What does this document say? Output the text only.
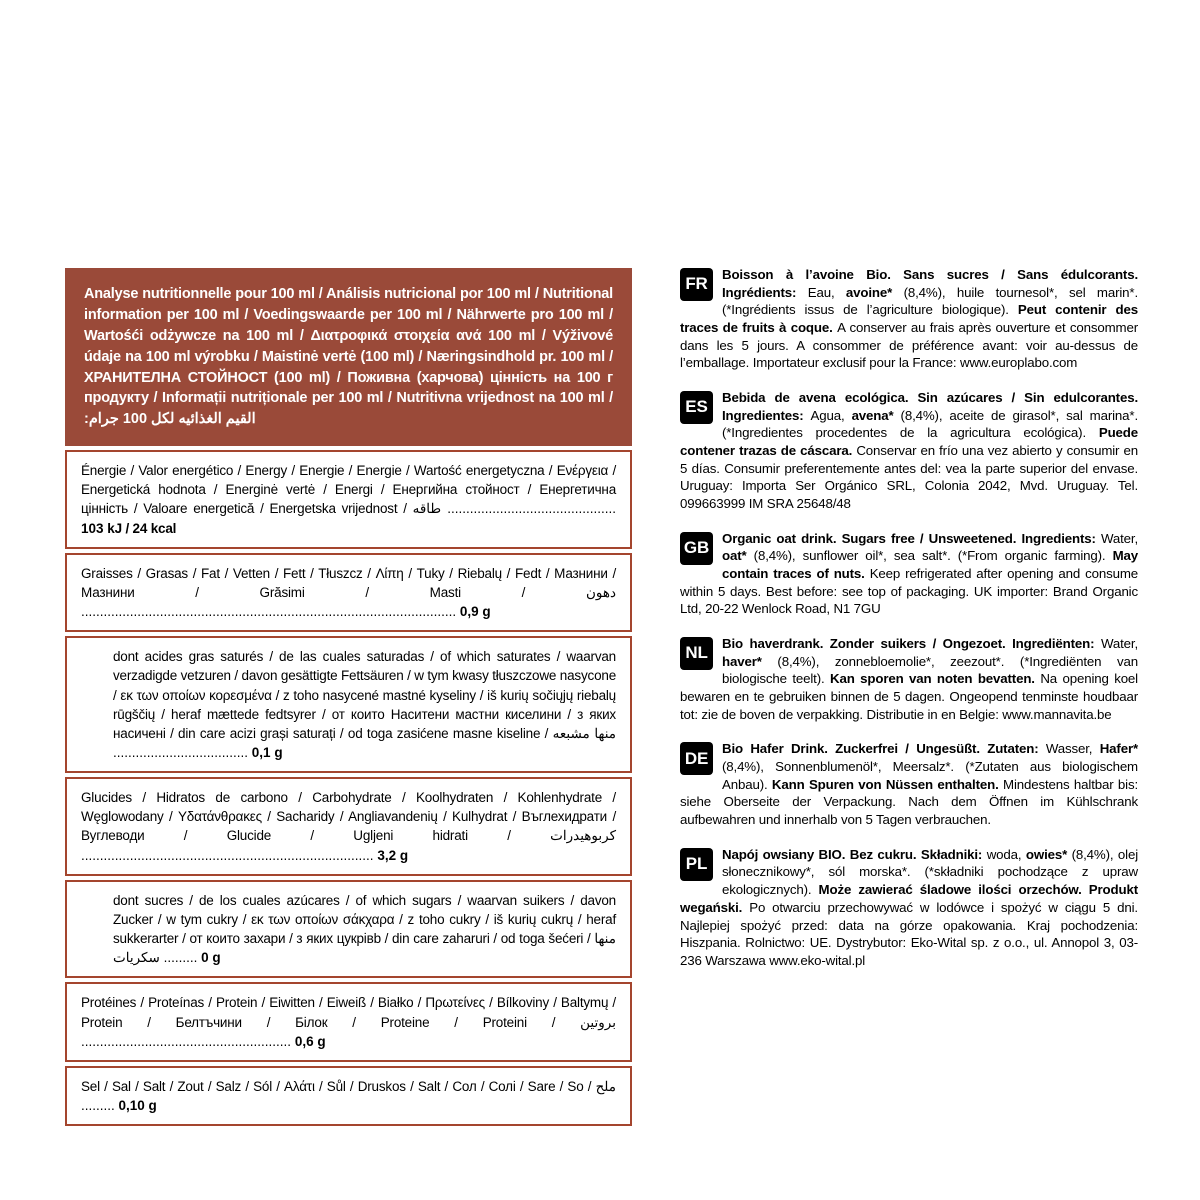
Analyse nutritionnelle pour 100 ml / Análisis nutricional por 100 ml / Nutritional information per 100 ml / Voedingswaarde per 100 ml / Nährwerte pro 100 ml / Wartośći odżywcze na 100 ml / Διατροφικά στοιχεία ανά 100 ml / Výživové údaje na 100 ml výrobku / Maistinė vertė (100 ml) / Næringsindhold pr. 100 ml / ХРАНИТЕЛНА СТОЙНОСТ (100 ml) / Поживна (харчова) цінність на 100 г продукту / Informații nutriționale per 100 ml / Nutritivna vrijednost na 100 ml / القيم الغذائيه لكل 100 جرام:‏
Énergie / Valor energético / Energy / Energie / Energie / Wartość energetyczna / Ενέργεια / Energetická hodnota / Energinė vertė / Energi / Енергийна стойност / Енергетична цінність / Valoare energetică / Energetska vrijednost / طاقه ............................................. 103 kJ / 24 kcal
Graisses / Grasas / Fat / Vetten / Fett / Tłuszcz / Λίπη / Tuky / Riebalų / Fedt / Мазнини / Мазнини / Grăsimi / Masti / دهون .................................................................................................... 0,9 g
dont acides gras saturés / de las cuales saturadas / of which saturates / waarvan verzadigde vetzuren / davon gesättigte Fettsäuren / w tym kwasy tłuszczowe nasycone / εκ των οποίων κορεσμένα / z toho nasycené mastné kyseliny / iš kurių sočiųjų riebalų rūgščių / heraf mættede fedtsyrer / от които Наситени мастни киселини / з яких насичені / din care acizi grași saturați / od toga zasićene masne kiseline / منها مشبعه .................................... 0,1 g
Glucides / Hidratos de carbono / Carbohydrate / Koolhydraten / Kohlenhydrate / Węglowodany / Υδατάνθρακες / Sacharidy / Angliavandenių / Kulhydrat / Въглехидрати / Вуглеводи / Glucide / Ugljeni hidrati / كربوهيدرات .............................................................................. 3,2 g
dont sucres / de los cuales azúcares / of which sugars / waarvan suikers / davon Zucker / w tym cukry / εκ των οποίων σάκχαρα / z toho cukry / iš kurių cukrų / heraf sukkerarter / от които захари / з яких цукрівb / din care zaharuri / od toga šećeri / منها سكريات ......... 0 g
Protéines / Proteínas / Protein / Eiwitten / Eiweiß / Białko / Πρωτείνες / Bílkoviny / Baltymų / Protein / Белтъчини / Білок / Proteine / Proteini / بروتين ........................................................ 0,6 g
Sel / Sal / Salt / Zout / Salz / Sól / Αλάτι / Sůl / Druskos / Salt / Сол / Солі / Sare / So / ملح ......... 0,10 g
FR	Boisson à l’avoine Bio. Sans sucres / Sans édulcorants. Ingrédients: Eau, avoine* (8,4%), huile tournesol*, sel marin*. (*Ingrédients issus de l’agriculture biologique). Peut contenir des traces de fruits à coque. A conserver au frais après ouverture et consommer dans les 5 jours. A consommer de préférence avant: voir au-dessus de l’emballage. Importateur exclusif pour la France: www.europlabo.com
ES	Bebida de avena ecológica. Sin azúcares / Sin edulcorantes. Ingredientes: Agua, avena* (8,4%), aceite de girasol*, sal marina*. (*Ingredientes procedentes de la agricultura ecológica). Puede contener trazas de cáscara. Conservar en frío una vez abierto y consumir en 5 días. Consumir preferentemente antes del: vea la parte superior del envase. Uruguay: Importa Ser Orgánico SRL, Colonia 2042, Mvd. Uruguay. Tel. 099663999 IM SRA 25648/48
GB Organic oat drink. Sugars free / Unsweetened. Ingredients: Water, oat* (8,4%), sunflower oil*, sea salt*. (*From organic farming). May contain traces of nuts. Keep refrigerated after opening and consume within 5 days. Best before: see top of packaging. UK importer: Brand Organic Ltd, 20-22 Wenlock Road, N1 7GU
NL	Bio haverdrank. Zonder suikers / Ongezoet. Ingrediënten: Water, haver* (8,4%), zonnebloemolie*, zeezout*. (*Ingrediënten van biologische teelt). Kan sporen van noten bevatten. Na opening koel bewaren en te gebruiken binnen de 5 dagen. Ongeopend tenminste houdbaar tot: zie de boven de verpakking. Distributie in en Belgie: www.mannavita.be
DE	Bio Hafer Drink. Zuckerfrei / Ungesüßt. Zutaten: Wasser, Hafer* (8,4%), Sonnenblumenöl*, Meersalz*. (*Zutaten aus biologischem Anbau). Kann Spuren von Nüssen enthalten. Mindestens haltbar bis: siehe Oberseite der Verpackung. Nach dem Öffnen im Kühlschrank aufbewahren und innerhalb von 5 Tagen verbrauchen.
PL	Napój owsiany BIO. Bez cukru. Składniki: woda, owies* (8,4%), olej słonecznikowy*, sól morska*. (*składniki pochodzące z upraw ekologicznych). Może zawierać śladowe ilości orzechów. Produkt wegański. Po otwarciu przechowywać w lodówce i spożyć w ciągu 5 dni. Najlepiej spożyć przed: data na górze opakowania. Kraj pochodzenia: Hiszpania. Rolnictwo: UE. Dystrybutor: Eko-Wital sp. z o.o., ul. Annopol 3, 03-236 Warszawa www.eko-wital.pl
